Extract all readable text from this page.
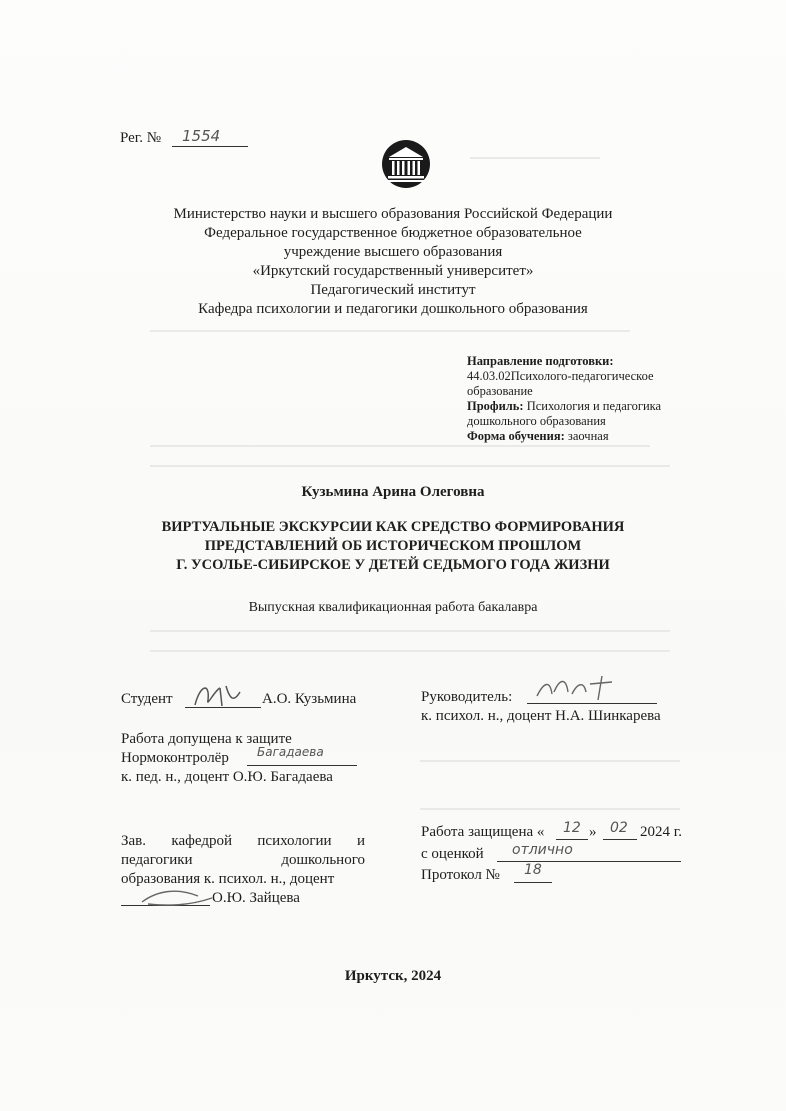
Рег. № 1554
Министерство науки и высшего образования Российской Федерации
Федеральное государственное бюджетное образовательное
учреждение высшего образования
«Иркутский государственный университет»
Педагогический институт
Кафедра психологии и педагогики дошкольного образования
Направление подготовки:
44.03.02Психолого-педагогическое
образование
Профиль: Психология и педагогика
дошкольного образования
Форма обучения: заочная
Кузьмина Арина Олеговна
ВИРТУАЛЬНЫЕ ЭКСКУРСИИ КАК СРЕДСТВО ФОРМИРОВАНИЯ
ПРЕДСТАВЛЕНИЙ ОБ ИСТОРИЧЕСКОМ ПРОШЛОМ
Г. УСОЛЬЕ-СИБИРСКОЕ У ДЕТЕЙ СЕДЬМОГО ГОДА ЖИЗНИ
Выпускная квалификационная работа бакалавра
Студент	А.О. Кузьмина	Руководитель:
к. психол. н., доцент Н.А. Шинкарева
Работа допущена к защите
Нормоконтролёр Багадаева
к. пед. н., доцент О.Ю. Багадаева
Зав. кафедрой психологии и
педагогики	дошкольного
образования к. психол. н., доцент
О.Ю. Зайцева
Работа защищена « 12 » 02 2024 г.
с оценкой отлично
Протокол № 18
Иркутск, 2024
